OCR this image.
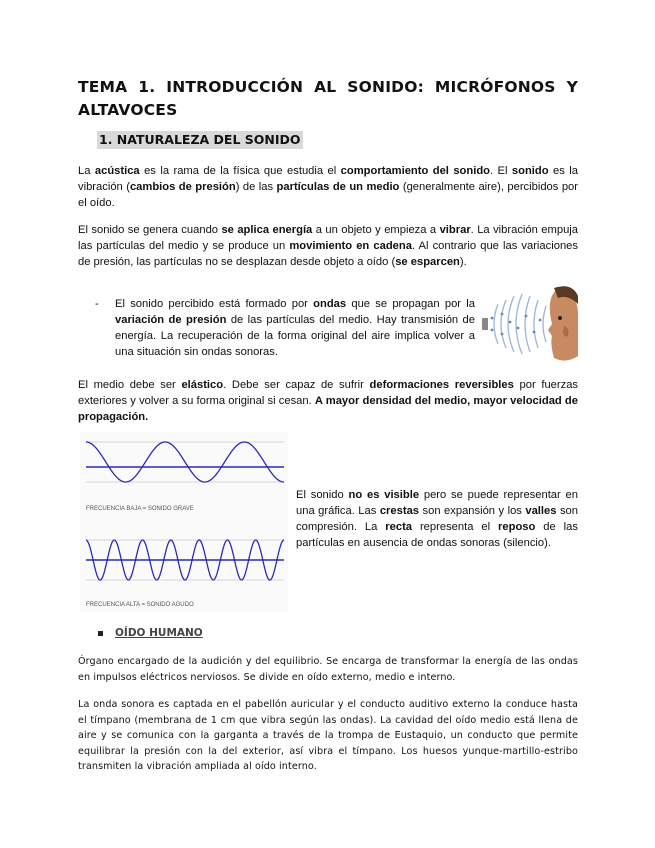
TEMA 1. INTRODUCCIÓN AL SONIDO: MICRÓFONOS Y
ALTAVOCES
1. NATURALEZA DEL SONIDO

La acústica es la rama de la física que estudia el comportamiento del sonido. El sonido es la vibración (cambios de presión) de las partículas de un medio (generalmente aire), percibidos por el oído.

El sonido se genera cuando se aplica energía a un objeto y empieza a vibrar. La vibración empuja las partículas del medio y se produce un movimiento en cadena. Al contrario que las variaciones de presión, las partículas no se desplazan desde objeto a oído (se esparcen).

- El sonido percibido está formado por ondas que se propagan por la variación de presión de las partículas del medio. Hay transmisión de energía. La recuperación de la forma original del aire implica volver a una situación sin ondas sonoras.

El medio debe ser elástico. Debe ser capaz de sufrir deformaciones reversibles por fuerzas exteriores y volver a su forma original si cesan. A mayor densidad del medio, mayor velocidad de propagación.

FRECUENCIA BAJA = SONIDO GRAVE
FRECUENCIA ALTA = SONIDO AGUDO

El sonido no es visible pero se puede representar en una gráfica. Las crestas son expansión y los valles son compresión. La recta representa el reposo de las partículas en ausencia de ondas sonoras (silencio).

OÍDO HUMANO

Órgano encargado de la audición y del equilibrio. Se encarga de transformar la energía de las ondas en impulsos eléctricos nerviosos. Se divide en oído externo, medio e interno.

La onda sonora es captada en el pabellón auricular y el conducto auditivo externo la conduce hasta el tímpano (membrana de 1 cm que vibra según las ondas). La cavidad del oído medio está llena de aire y se comunica con la garganta a través de la trompa de Eustaquio, un conducto que permite equilibrar la presión con la del exterior, así vibra el tímpano. Los huesos yunque-martillo-estribo transmiten la vibración ampliada al oído interno.
